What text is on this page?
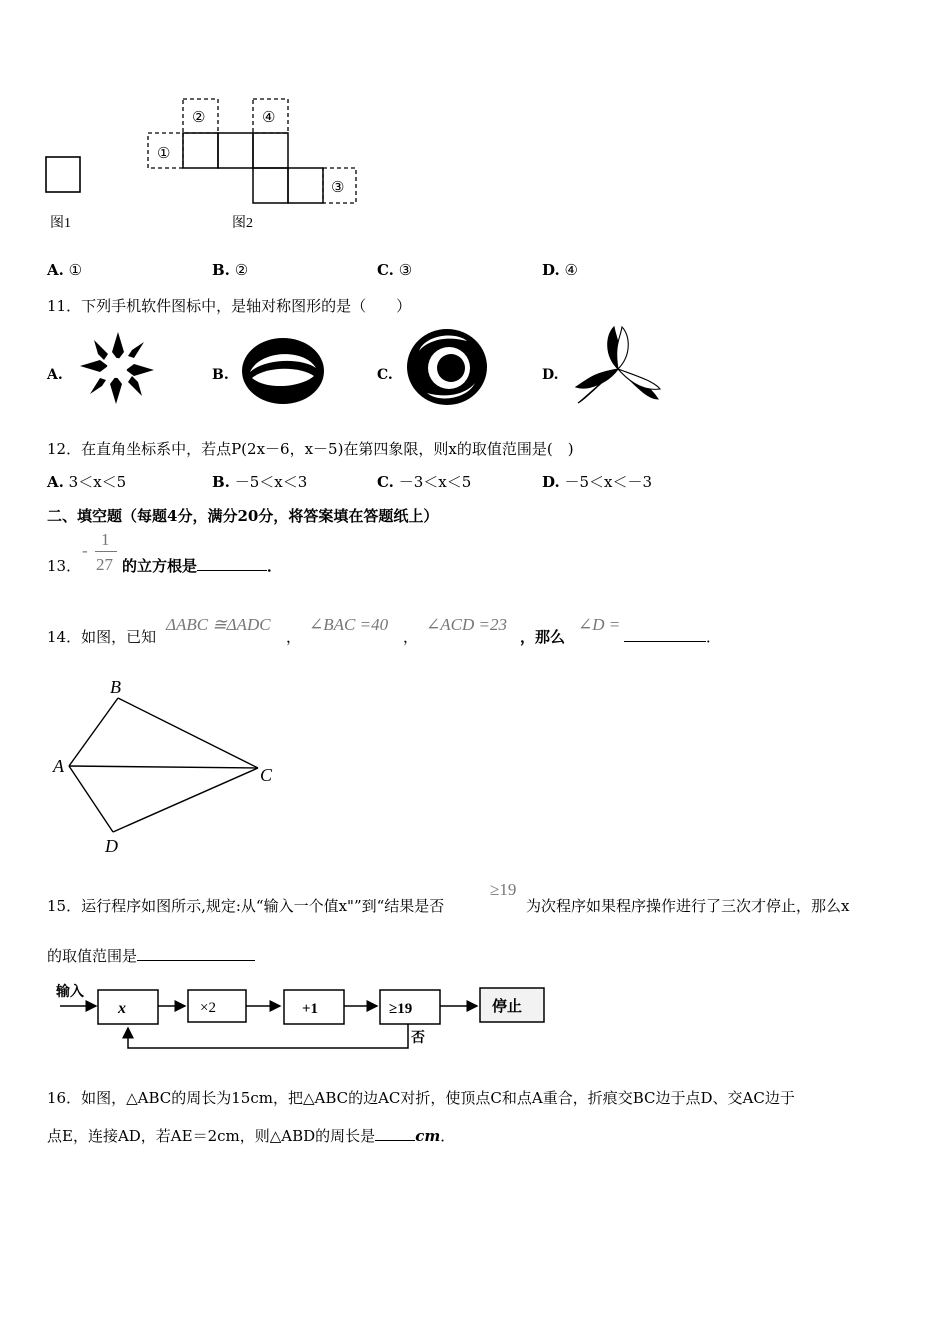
图1
①
②	④
③
图2
A. ①	B. ②	C. ③	D. ④
11．下列手机软件图标中，是轴对称图形的是（　　）
A.	B.	C.	D.
12．在直角坐标系中，若点P(2x－6，x－5)在第四象限，则x的取值范围是(　)
A. 3＜x＜5	B. －5＜x＜3	C. －3＜x＜5	D. －5＜x＜－3
二、填空题（每题4分，满分20分，将答案填在答题纸上）
13．
-
1
27 的立方根是	．
14．如图，已知
ΔABC ≅ΔADC
，
∠BAC =40
，
∠ACD =23
，那么
∠D =
．
B
A	C
D
15．运行程序如图所示,规定:从“输入一个值x"”到“结果是否
≥19
为次程序如果程序操作进行了三次才停止，那么x
的取值范围是
输入
x	×2	+1	≥19	停止
否
16．如图，△ABC的周长为15cm，把△ABC的边AC对折，使顶点C和点A重合，折痕交BC边于点D、交AC边于
点E，连接AD，若AE＝2cm，则△ABD的周长是	cm．
